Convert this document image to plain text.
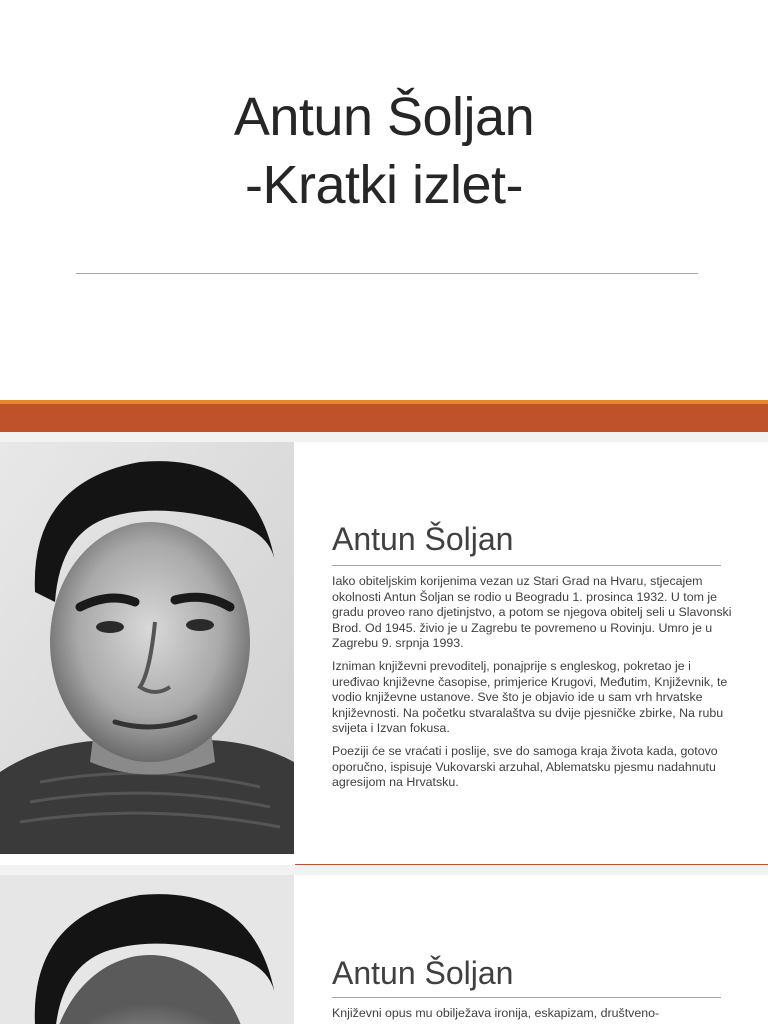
Antun Šoljan
-Kratki izlet-
Antun Šoljan

Iako obiteljskim korijenima vezan uz Stari Grad na Hvaru, stjecajem okolnosti Antun Šoljan se rodio u Beogradu 1. prosinca 1932. U tom je gradu proveo rano djetinjstvo, a potom se njegova obitelj seli u Slavonski Brod. Od 1945. živio je u Zagrebu te povremeno u Rovinju. Umro je u Zagrebu 9. srpnja 1993.

Izniman književni prevoditelj, ponajprije s engleskog, pokretao je i uređivao književne časopise, primjerice Krugovi, Međutim, Književnik, te vodio književne ustanove. Sve što je objavio ide u sam vrh hrvatske književnosti. Na početku stvaralaštva su dvije pjesničke zbirke, Na rubu svijeta i Izvan fokusa.

Poeziji će se vraćati i poslije, sve do samoga kraja života kada, gotovo oporučno, ispisuje Vukovarski arzuhal, Ablematsku pjesmu nadahnutu agresijom na Hrvatsku.

Antun Šoljan
Književni opus mu obilježava ironija, eskapizam, društveno-
